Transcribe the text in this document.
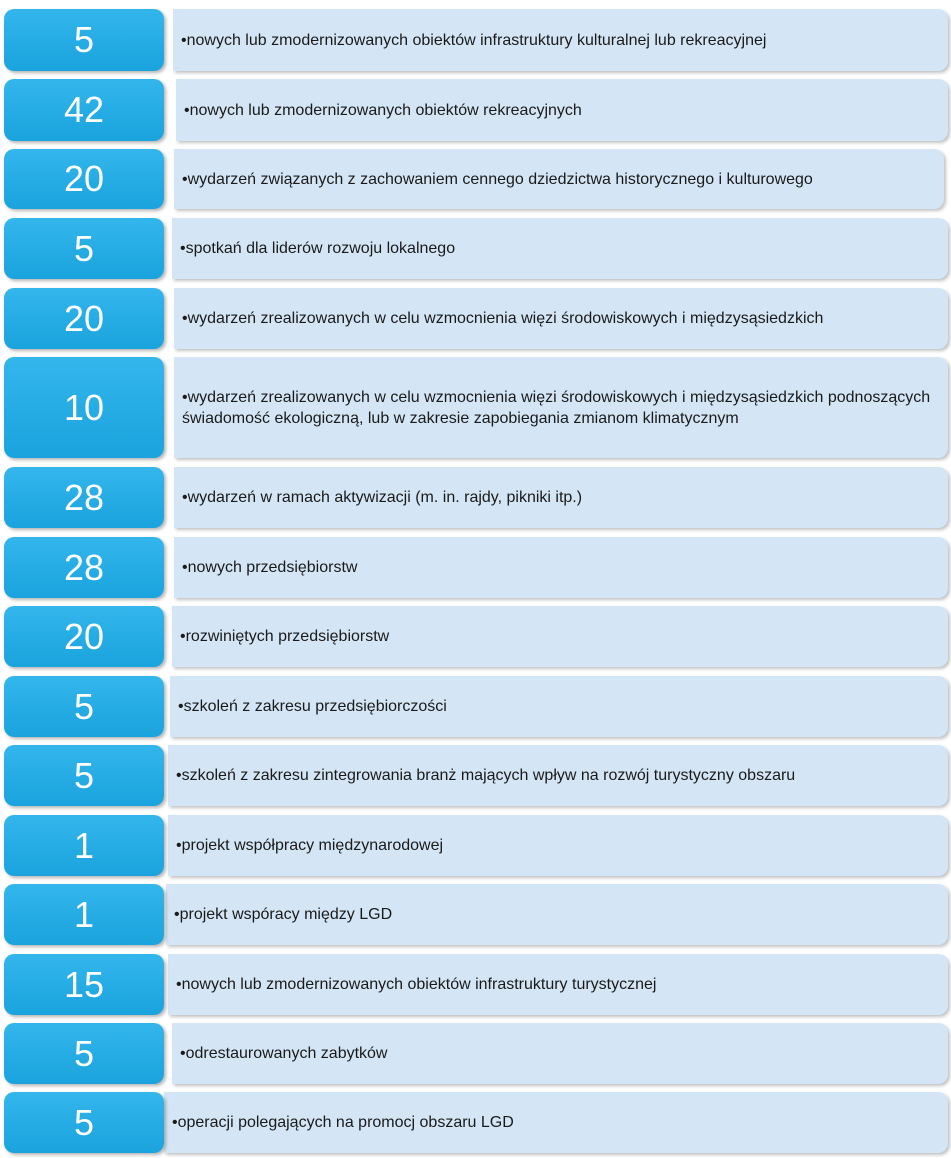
•nowych lub zmodernizowanych obiektów infrastruktury kulturalnej lub rekreacyjnej
5
•nowych lub zmodernizowanych obiektów rekreacyjnych
42
•wydarzeń związanych z zachowaniem cennego dziedzictwa historycznego i kulturowego
20
•spotkań dla liderów rozwoju lokalnego
5
•wydarzeń zrealizowanych w celu wzmocnienia więzi środowiskowych i międzysąsiedzkich
20
•wydarzeń zrealizowanych w celu wzmocnienia więzi środowiskowych i międzysąsiedzkich podnoszących świadomość ekologiczną, lub w zakresie zapobiegania zmianom klimatycznym
10
•wydarzeń w ramach aktywizacji (m. in. rajdy, pikniki itp.)
28
•nowych przedsiębiorstw
28
•rozwiniętych przedsiębiorstw
20
•szkoleń z zakresu przedsiębiorczości
5
•szkoleń z zakresu zintegrowania branż mających wpływ na rozwój turystyczny obszaru
5
•projekt współpracy międzynarodowej
1
•projekt wspóracy między LGD
1
•nowych lub zmodernizowanych obiektów infrastruktury turystycznej
15
•odrestaurowanych zabytków
5
•operacji polegających na promocj obszaru LGD
5
